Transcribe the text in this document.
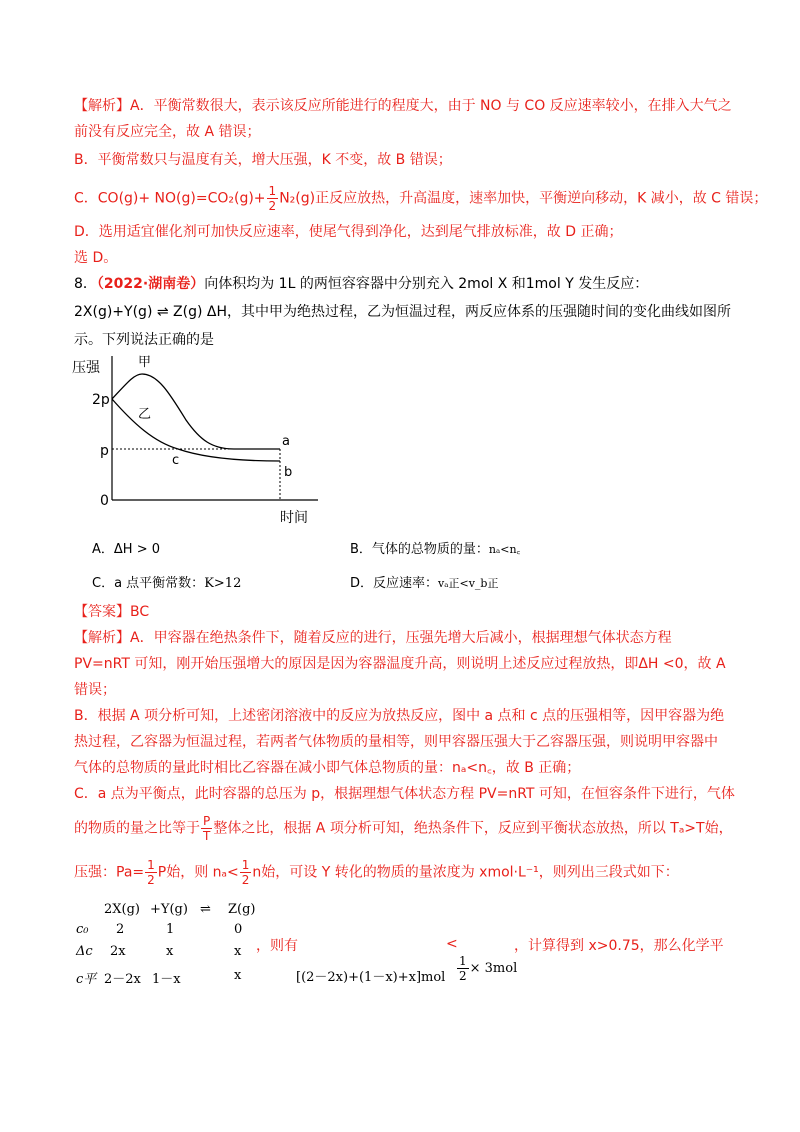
【解析】A．平衡常数很大，表示该反应所能进行的程度大，由于 NO 与 CO 反应速率较小，在排入大气之
前没有反应完全，故 A 错误；
B．平衡常数只与温度有关，增大压强，K 不变，故 B 错误；
C．$CO(g)+ NO(g)=CO_2(g)+ \frac{1}{2} N_2(g)$正反应放热，升高温度，速率加快，平衡逆向移动，K 减小，故 C 错误；
D．选用适宜催化剂可加快反应速率，使尾气得到净化，达到尾气排放标准，故 D 正确；
选 D。
8．（2022·湖南卷）向体积均为 1L 的两恒容容器中分别充入 2mol X 和1mol Y 发生反应：
2X(g)+Y(g) ⇌ Z(g) ΔH，其中甲为绝热过程，乙为恒温过程，两反应体系的压强随时间的变化曲线如图所
示。下列说法正确的是
压强
时间
2p
p
0
甲
乙
a
b
c
A．ΔH > 0	B．气体的总物质的量：nₐ<n꜀
C．a 点平衡常数：K>12	D．反应速率：vₐ正<v_b正
【答案】BC
【解析】A．甲容器在绝热条件下，随着反应的进行，压强先增大后减小，根据理想气体状态方程
PV=nRT 可知，刚开始压强增大的原因是因为容器温度升高，则说明上述反应过程放热，即ΔH <0，故 A
错误；
B．根据 A 项分析可知，上述密闭溶液中的反应为放热反应，图中 a 点和 c 点的压强相等，因甲容器为绝
热过程，乙容器为恒温过程，若两者气体物质的量相等，则甲容器压强大于乙容器压强，则说明甲容器中
气体的总物质的量此时相比乙容器在减小即气体总物质的量：nₐ<n꜀，故 B 正确；
C．a 点为平衡点，此时容器的总压为 p，根据理想气体状态方程 PV=nRT 可知，在恒容条件下进行，气体
的物质的量之比等于 $\frac{P}{T}$ 整体之比，根据 A 项分析可知，绝热条件下，反应到平衡状态放热，所以 Tₐ>T始，
压强：$Pa= \frac{1}{2}$ P始，则 $n_a< \frac{1}{2}$ n始，可设 Y 转化的物质的量浓度为 xmol·L⁻¹，则列出三段式如下：
2X(g) +Y(g) ⇌ Z(g)
c₀ 2	1	0
Δc 2x	x	x
c平 2－2x 1－x	x
，则有	<	，计算得到 x>0.75，那么化学平
$[(2-2x)+(1-x)+x]mol \frac{1}{2} \times 3mol$
